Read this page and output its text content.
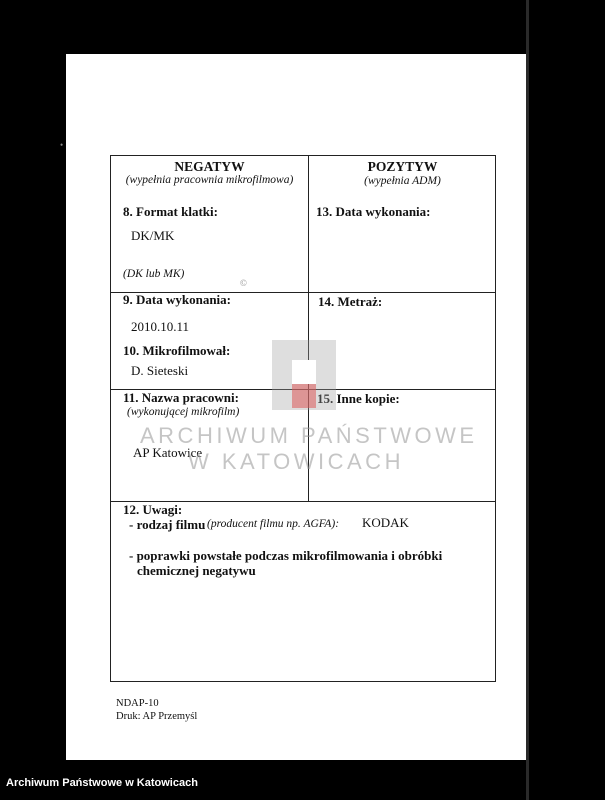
•
©
NEGATYW
(wypełnia pracownia mikrofilmowa)
8. Format klatki:
DK/MK
(DK lub MK)
POZYTYW
(wypełnia ADM)
13. Data wykonania:
9. Data wykonania:
2010.10.11
10. Mikrofilmował:
D. Sieteski
14. Metraż:
11. Nazwa pracowni:
(wykonującej mikrofilm)
AP Katowice
15. Inne kopie:
12. Uwagi:
- rodzaj filmu (producent filmu np. AGFA): KODAK
- poprawki powstałe podczas mikrofilmowania i obróbki
chemicznej negatywu
ARCHIWUM PAŃSTWOWE
W KATOWICACH
NDAP-10
Druk: AP Przemyśl
Archiwum Państwowe w Katowicach
